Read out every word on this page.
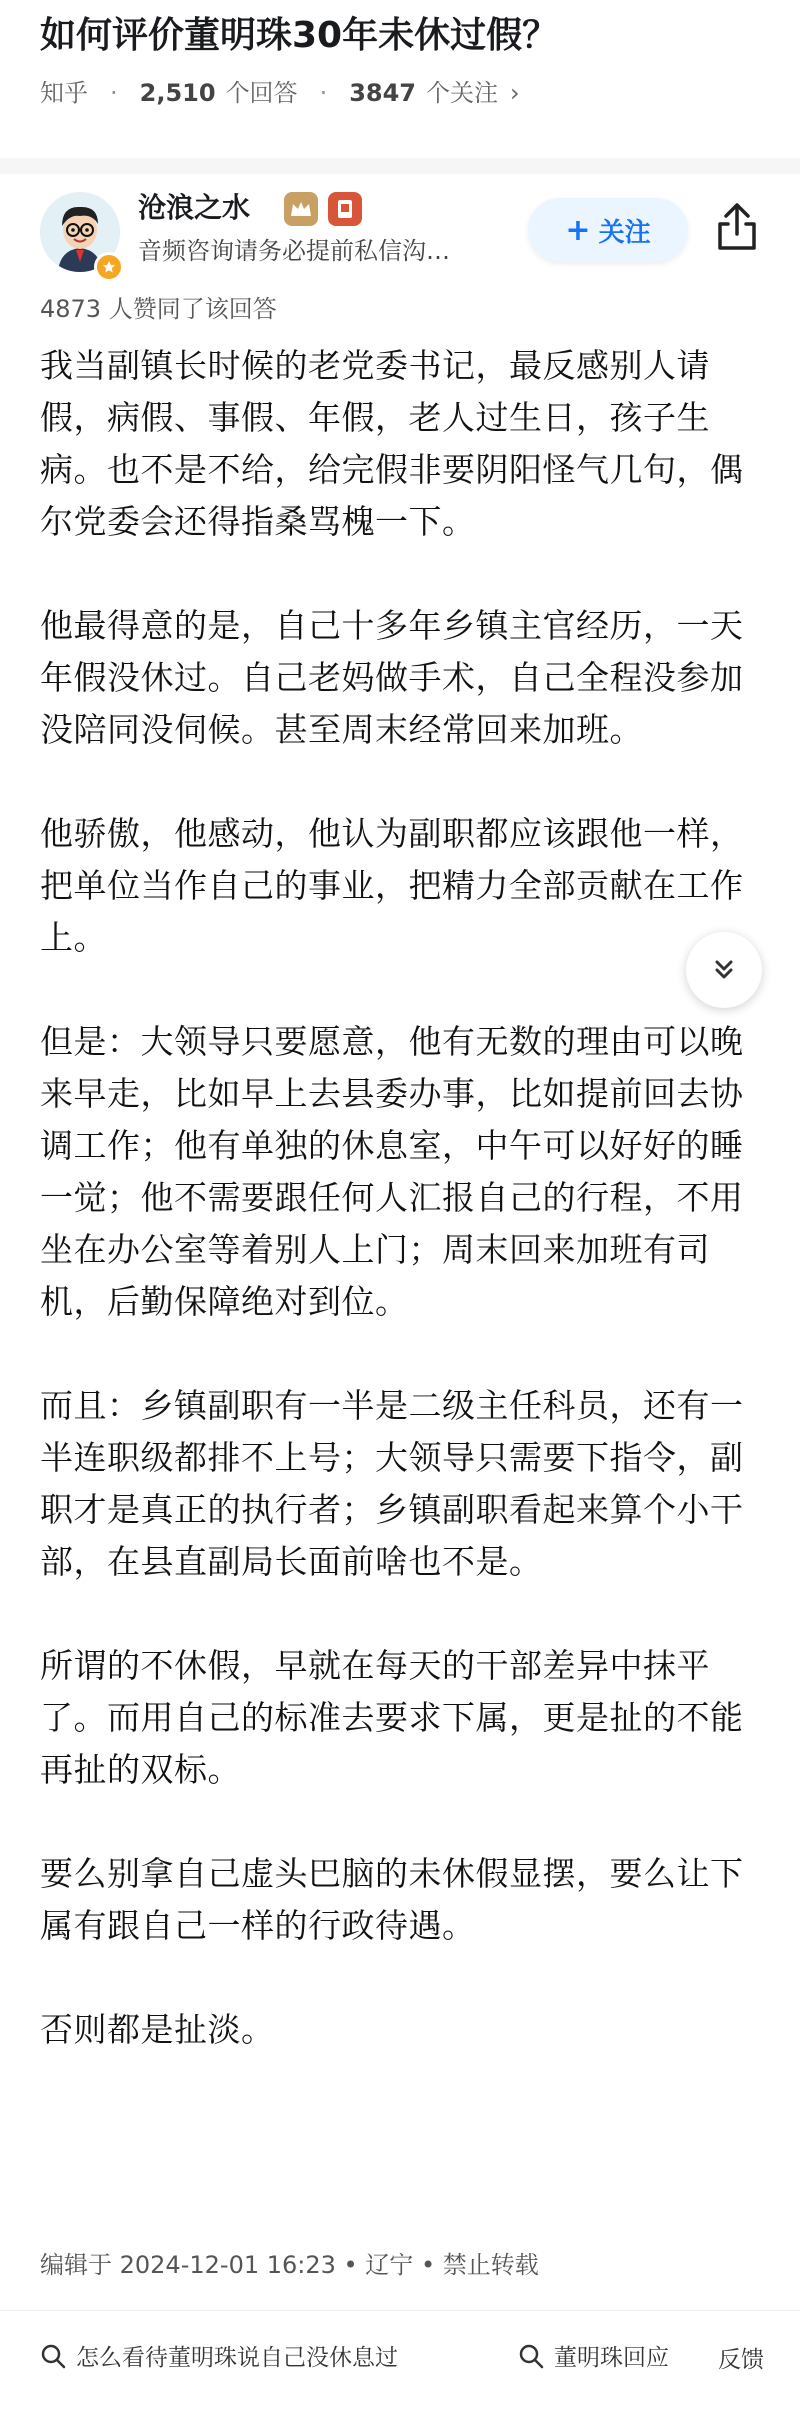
如何评价董明珠30年未休过假？
知乎 · 2,510 个回答 · 3847 个关注 ›
沧浪之水
音频咨询请务必提前私信沟…
+ 关注
4873 人赞同了该回答

我当副镇长时候的老党委书记，最反感别人请假，病假、事假、年假，老人过生日，孩子生病。也不是不给，给完假非要阴阳怪气几句，偶尔党委会还得指桑骂槐一下。

他最得意的是，自己十多年乡镇主官经历，一天年假没休过。自己老妈做手术，自己全程没参加没陪同没伺候。甚至周末经常回来加班。

他骄傲，他感动，他认为副职都应该跟他一样，把单位当作自己的事业，把精力全部贡献在工作上。

但是：大领导只要愿意，他有无数的理由可以晚来早走，比如早上去县委办事，比如提前回去协调工作；他有单独的休息室，中午可以好好的睡一觉；他不需要跟任何人汇报自己的行程，不用坐在办公室等着别人上门；周末回来加班有司机，后勤保障绝对到位。

而且：乡镇副职有一半是二级主任科员，还有一半连职级都排不上号；大领导只需要下指令，副职才是真正的执行者；乡镇副职看起来算个小干部，在县直副局长面前啥也不是。

所谓的不休假，早就在每天的干部差异中抹平了。而用自己的标准去要求下属，更是扯的不能再扯的双标。

要么别拿自己虚头巴脑的未休假显摆，要么让下属有跟自己一样的行政待遇。

否则都是扯淡。

编辑于 2024-12-01 16:23 • 辽宁 • 禁止转载
怎么看待董明珠说自己没休息过	董明珠回应 反馈
